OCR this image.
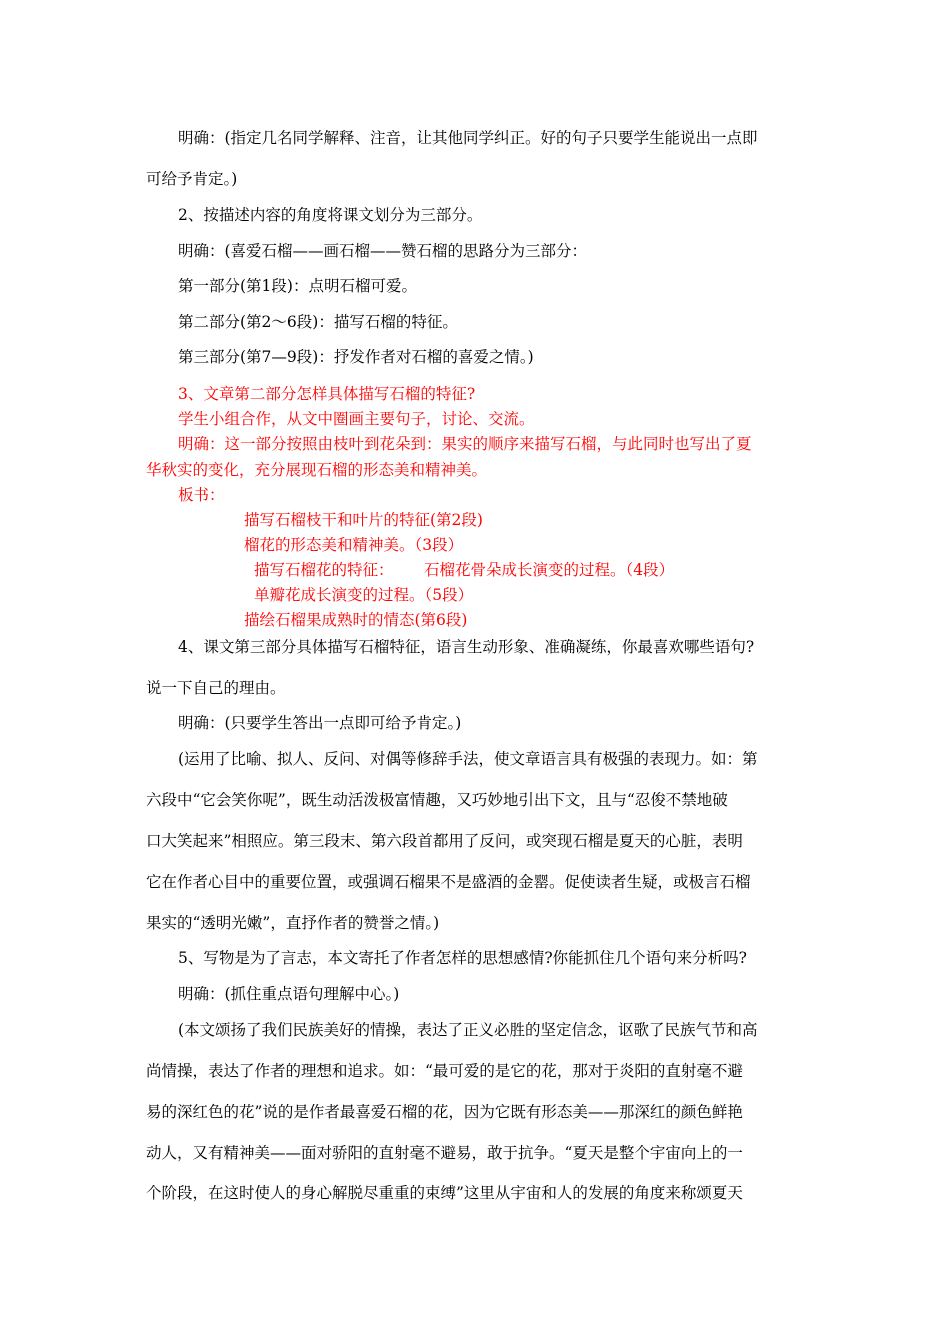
明确：(指定几名同学解释、注音，让其他同学纠正。好的句子只要学生能说出一点即
可给予肯定。)
2、按描述内容的角度将课文划分为三部分。
明确：(喜爱石榴——画石榴——赞石榴的思路分为三部分：
第一部分(第1段)：点明石榴可爱。
第二部分(第2～6段)：描写石榴的特征。
第三部分(第7—9段)：抒发作者对石榴的喜爱之情。)
3、文章第二部分怎样具体描写石榴的特征?
学生小组合作，从文中圈画主要句子，讨论、交流。
明确：这一部分按照由枝叶到花朵到：果实的顺序来描写石榴，与此同时也写出了夏
华秋实的变化，充分展现石榴的形态美和精神美。
板书：
描写石榴枝干和叶片的特征(第2段)
榴花的形态美和精神美。（3段）
描写石榴花的特征： 石榴花骨朵成长演变的过程。（4段）
单瓣花成长演变的过程。（5段）
描绘石榴果成熟时的情态(第6段)
4、课文第三部分具体描写石榴特征，语言生动形象、准确凝练，你最喜欢哪些语句?
说一下自己的理由。
明确：(只要学生答出一点即可给予肯定。)
(运用了比喻、拟人、反问、对偶等修辞手法，使文章语言具有极强的表现力。如：第
六段中“它会笑你呢”，既生动活泼极富情趣，又巧妙地引出下文，且与“忍俊不禁地破
口大笑起来”相照应。第三段末、第六段首都用了反问，或突现石榴是夏天的心脏，表明
它在作者心目中的重要位置，或强调石榴果不是盛酒的金罂。促使读者生疑，或极言石榴
果实的“透明光嫩”，直抒作者的赞誉之情。)
5、写物是为了言志，本文寄托了作者怎样的思想感情?你能抓住几个语句来分析吗?
明确：(抓住重点语句理解中心。)
(本文颂扬了我们民族美好的情操，表达了正义必胜的坚定信念，讴歌了民族气节和高
尚情操，表达了作者的理想和追求。如：“最可爱的是它的花，那对于炎阳的直射毫不避
易的深红色的花”说的是作者最喜爱石榴的花，因为它既有形态美——那深红的颜色鲜艳
动人，又有精神美——面对骄阳的直射毫不避易，敢于抗争。“夏天是整个宇宙向上的一
个阶段，在这时使人的身心解脱尽重重的束缚”这里从宇宙和人的发展的角度来称颂夏天
